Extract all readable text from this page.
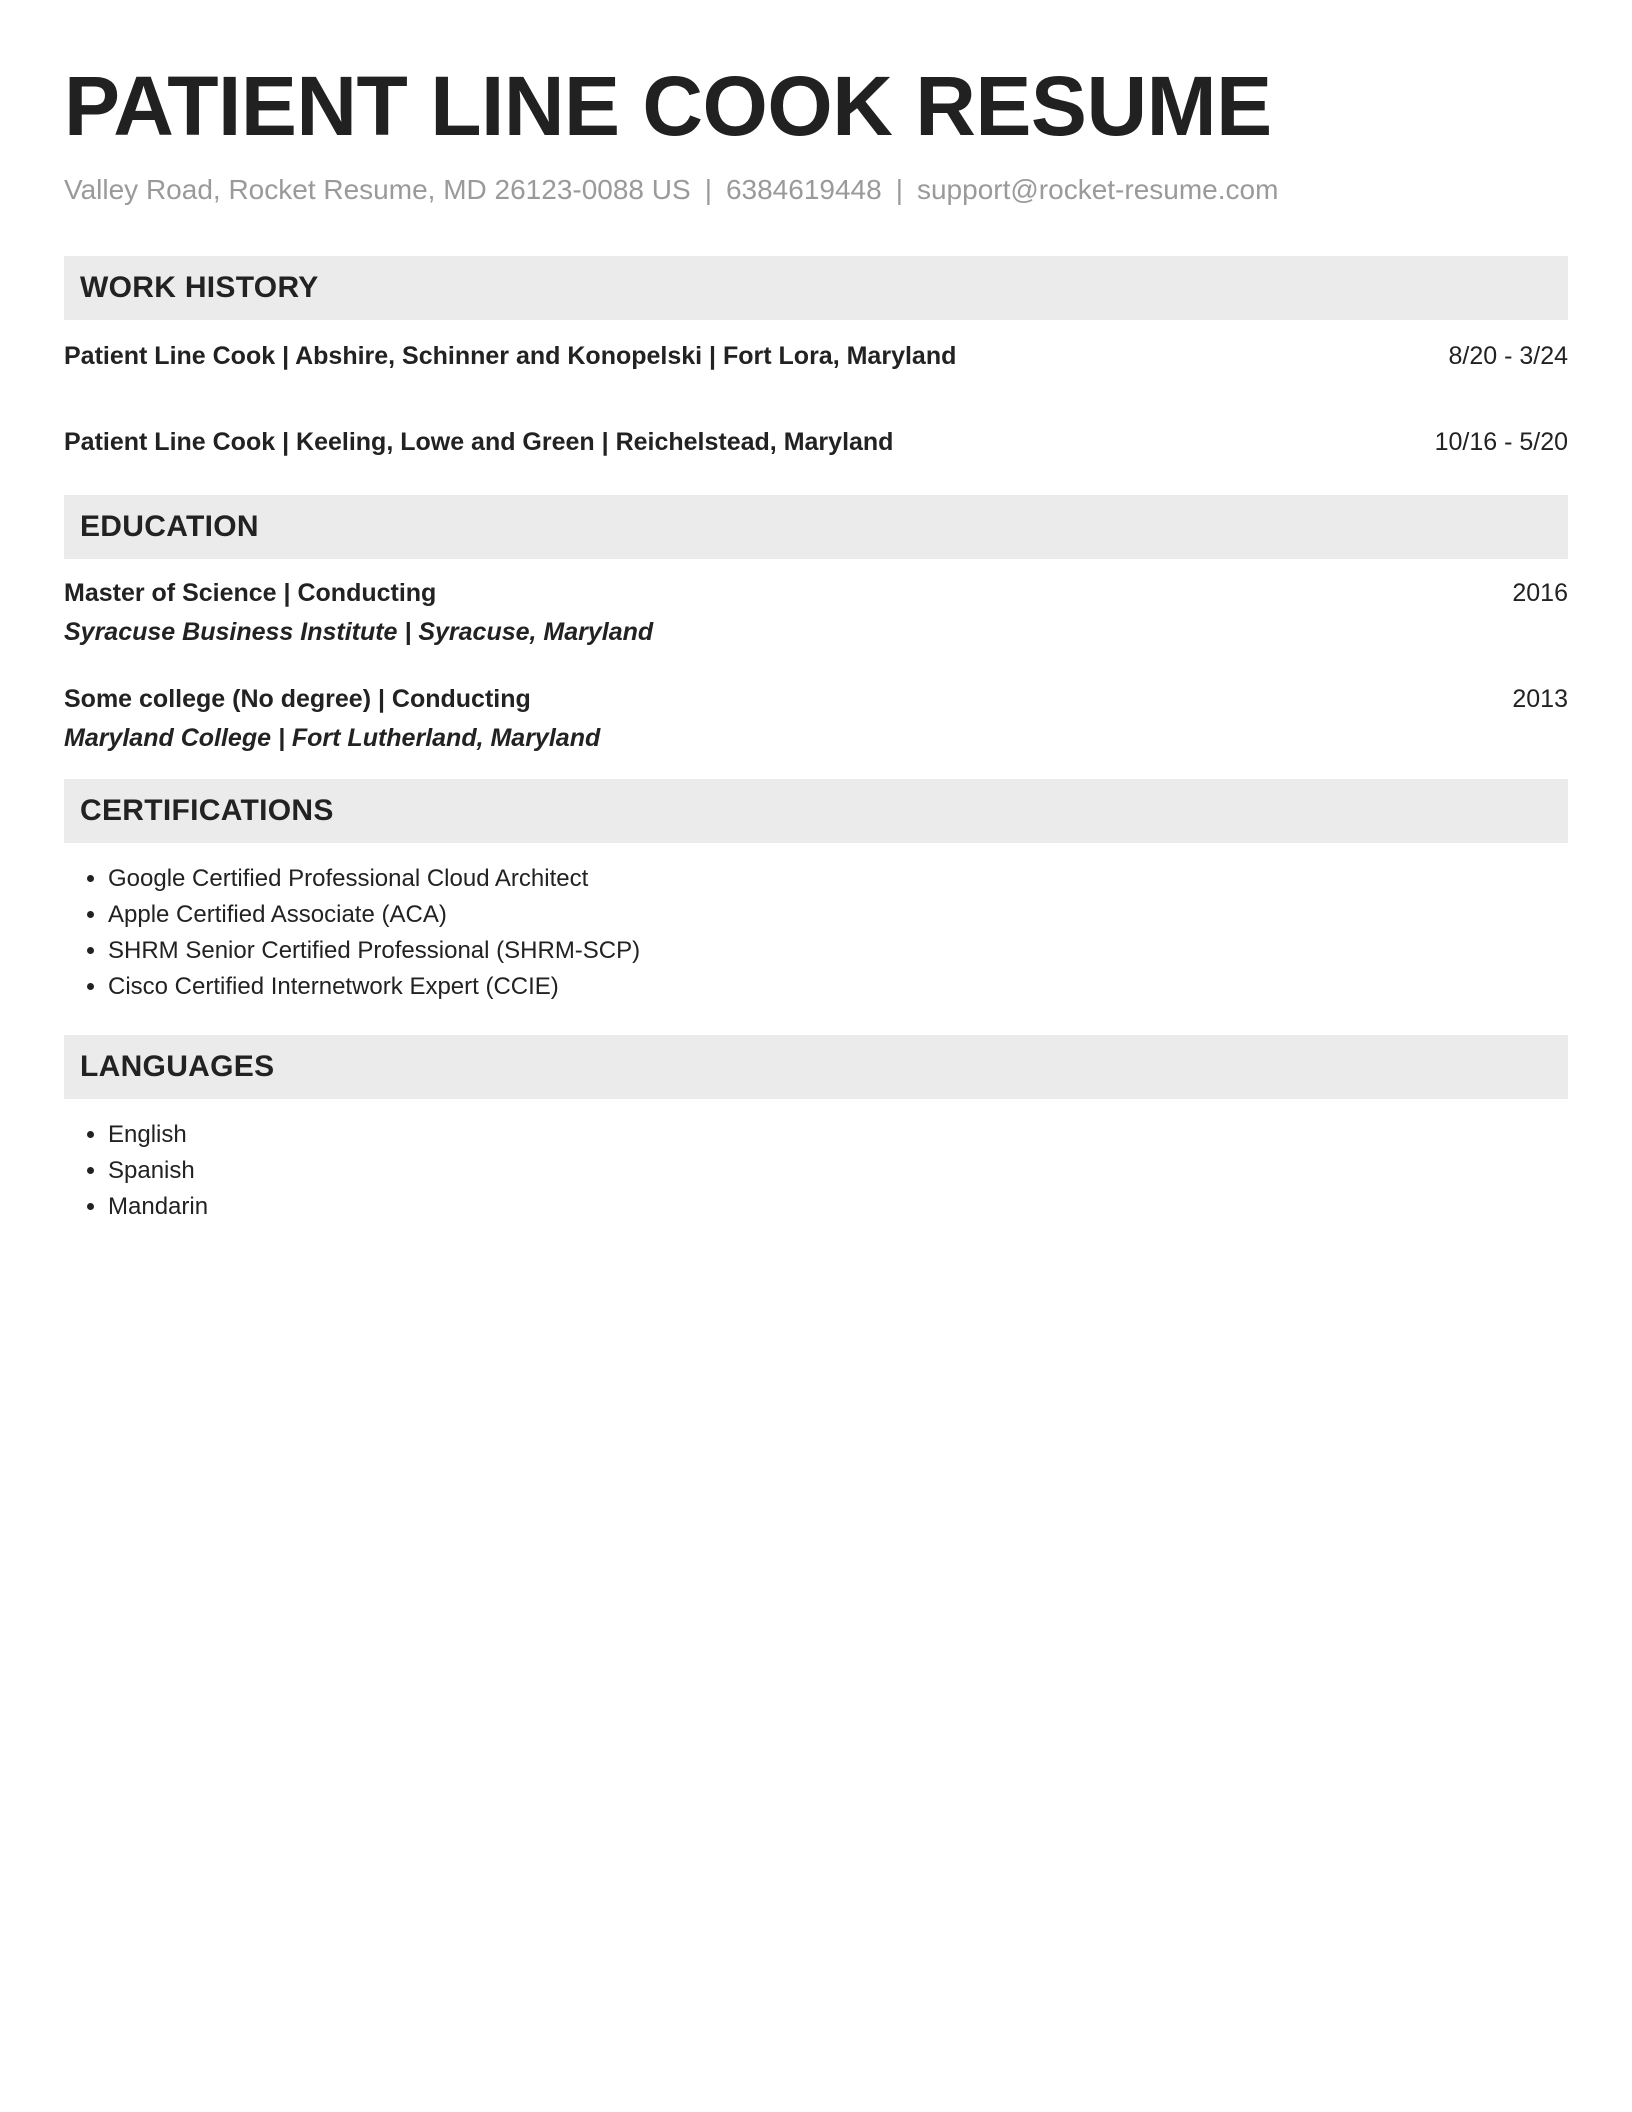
PATIENT LINE COOK RESUME
Valley Road, Rocket Resume, MD 26123-0088 US | 6384619448 | support@rocket-resume.com
WORK HISTORY
Patient Line Cook | Abshire, Schinner and Konopelski | Fort Lora, Maryland	8/20 - 3/24
Patient Line Cook | Keeling, Lowe and Green | Reichelstead, Maryland	10/16 - 5/20
EDUCATION
Master of Science | Conducting	2016
Syracuse Business Institute | Syracuse, Maryland
Some college (No degree) | Conducting	2013
Maryland College | Fort Lutherland, Maryland
CERTIFICATIONS
• Google Certified Professional Cloud Architect
• Apple Certified Associate (ACA)
• SHRM Senior Certified Professional (SHRM-SCP)
• Cisco Certified Internetwork Expert (CCIE)
LANGUAGES
• English
• Spanish
• Mandarin
